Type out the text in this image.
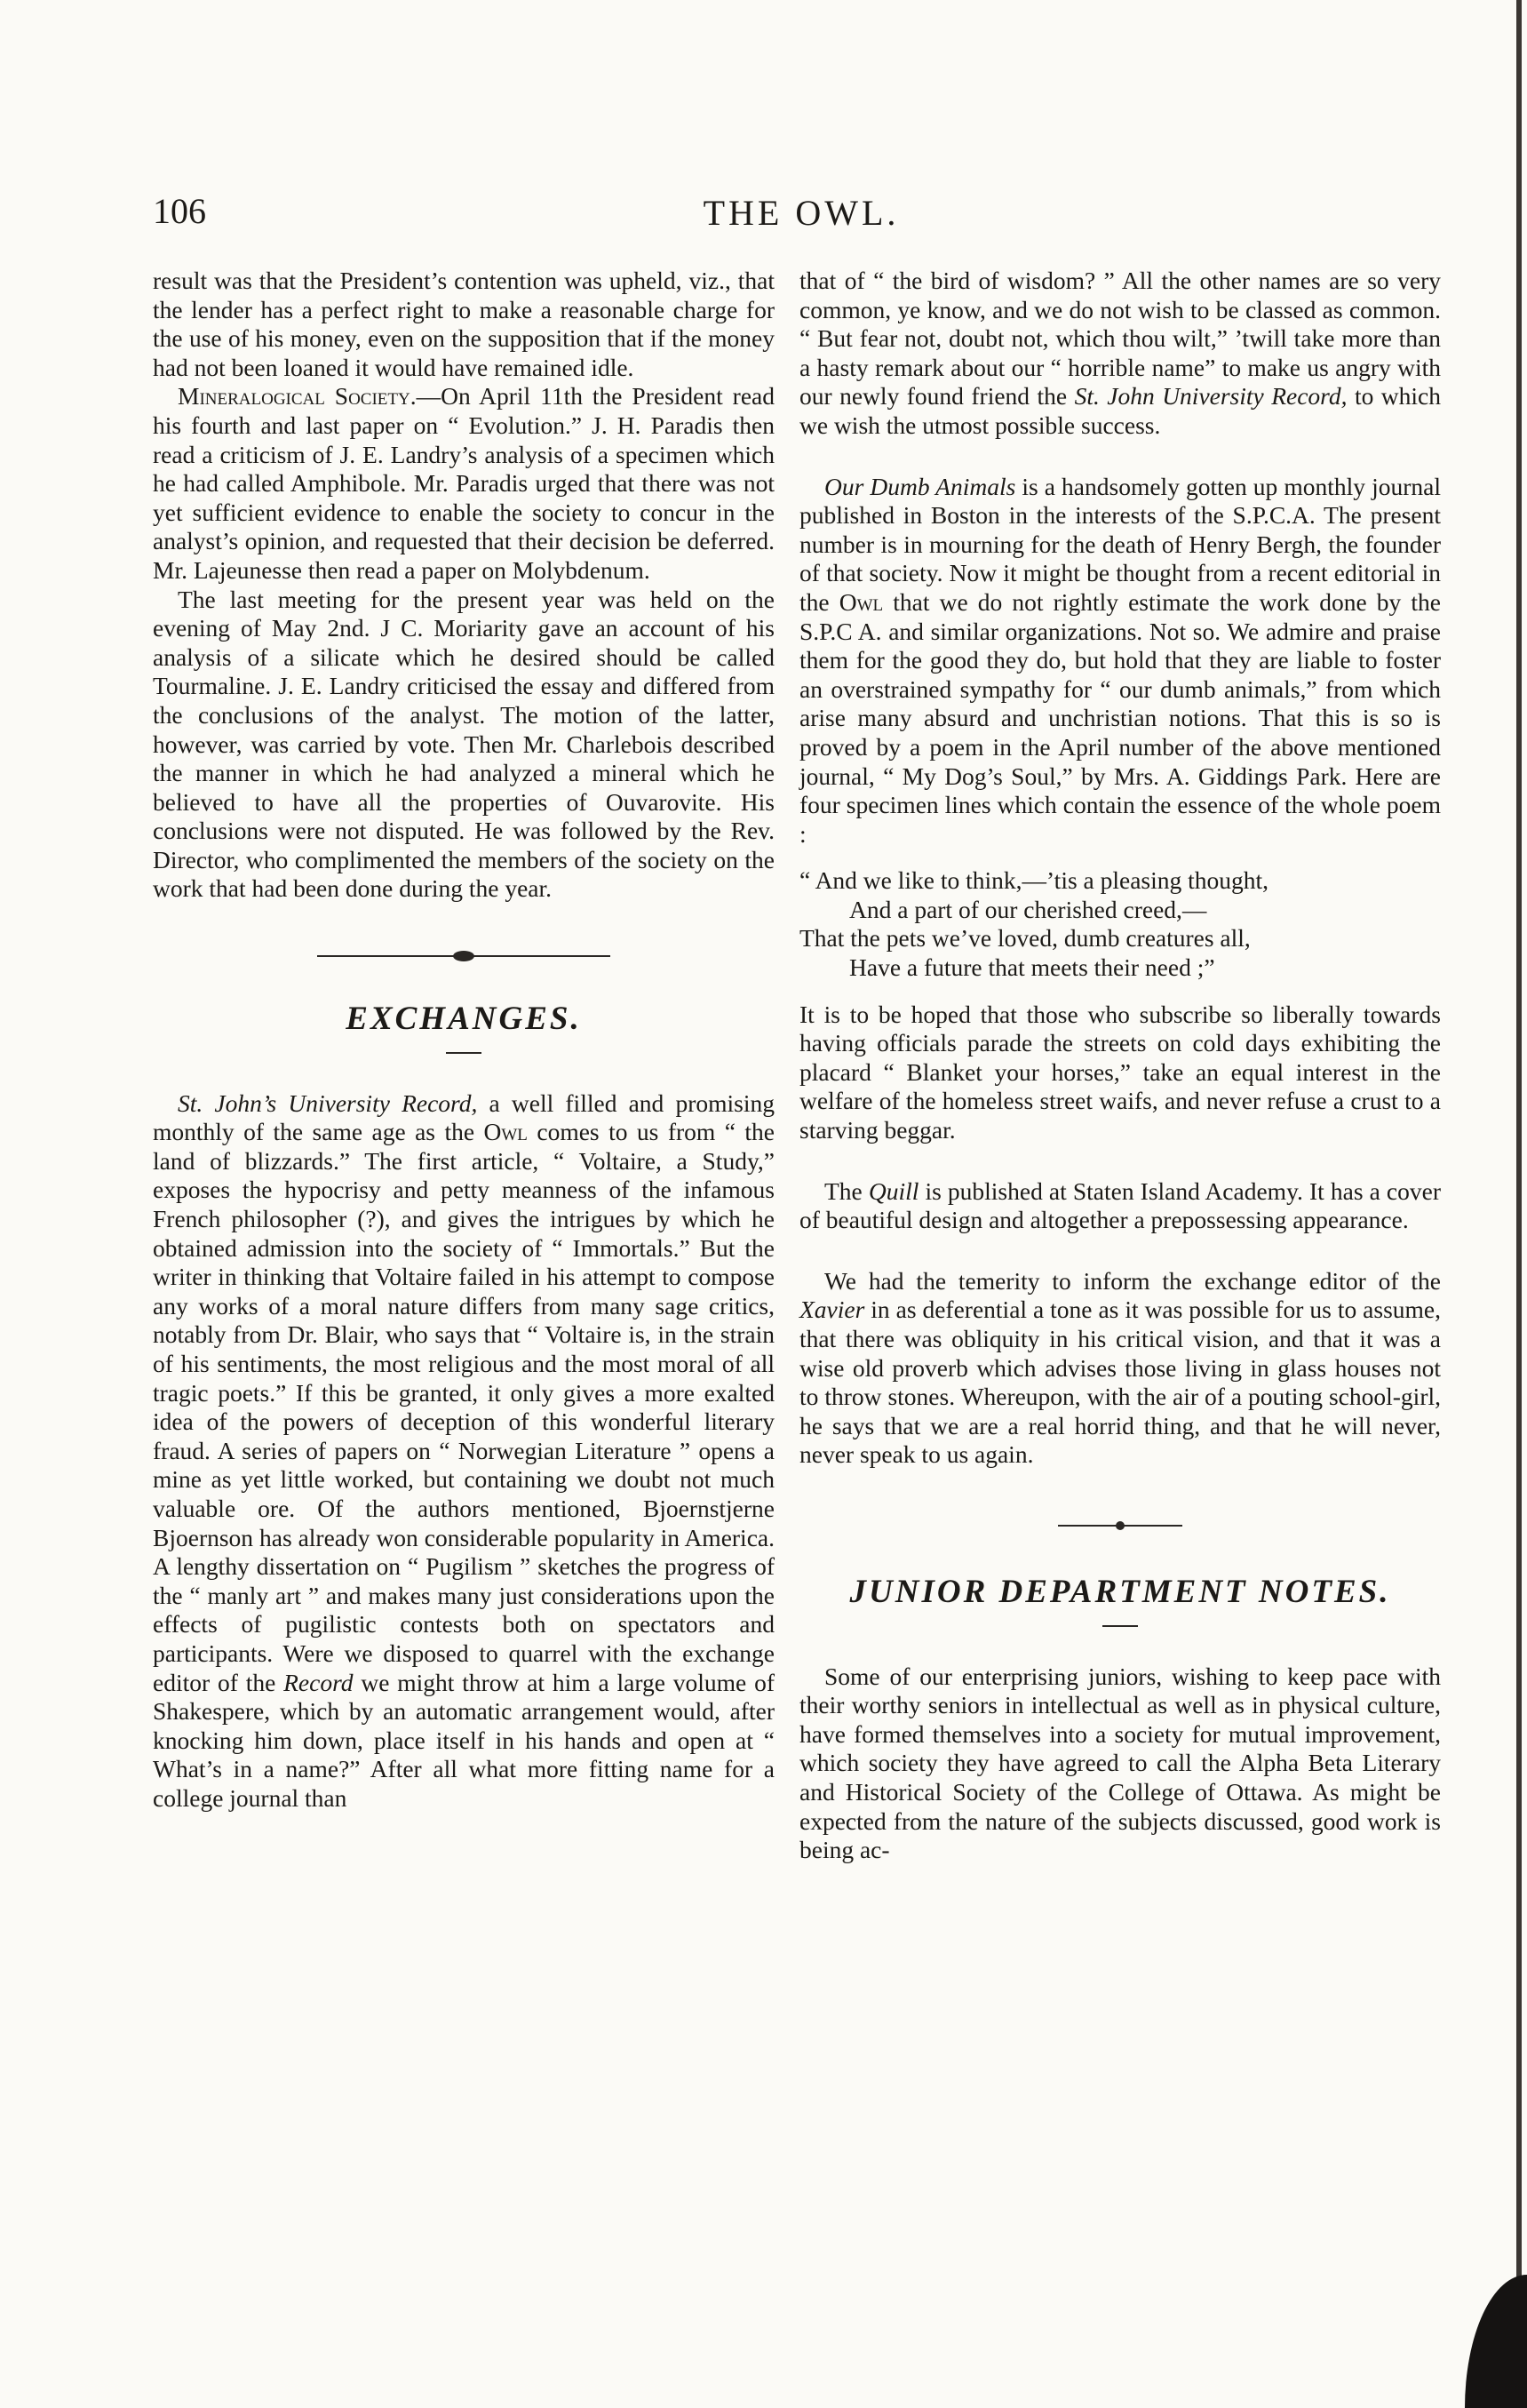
106	THE OWL.

result was that the President’s contention was upheld, viz., that the lender has a perfect right to make a reasonable charge for the use of his money, even on the supposition that if the money had not been loaned it would have remained idle.

Mineralogical Society.—On April 11th the President read his fourth and last paper on “ Evolution.” J. H. Paradis then read a criticism of J. E. Landry’s analysis of a specimen which he had called Amphibole. Mr. Paradis urged that there was not yet sufficient evidence to enable the society to concur in the analyst’s opinion, and requested that their decision be deferred. Mr. Lajeunesse then read a paper on Molybdenum.

The last meeting for the present year was held on the evening of May 2nd. J C. Moriarity gave an account of his analysis of a silicate which he desired should be called Tourmaline. J. E. Landry criticised the essay and differed from the conclusions of the analyst. The motion of the latter, however, was carried by vote. Then Mr. Charlebois described the manner in which he had analyzed a mineral which he believed to have all the properties of Ouvarovite. His conclusions were not disputed. He was followed by the Rev. Director, who complimented the members of the society on the work that had been done during the year.

EXCHANGES.

St. John’s University Record, a well filled and promising monthly of the same age as the Owl comes to us from “ the land of blizzards.” The first article, “ Voltaire, a Study,” exposes the hypocrisy and petty meanness of the infamous French philosopher (?), and gives the intrigues by which he obtained admission into the society of “ Immortals.” But the writer in thinking that Voltaire failed in his attempt to compose any works of a moral nature differs from many sage critics, notably from Dr. Blair, who says that “ Voltaire is, in the strain of his sentiments, the most religious and the most moral of all tragic poets.” If this be granted, it only gives a more exalted idea of the powers of deception of this wonderful literary fraud. A series of papers on “ Norwegian Literature ” opens a mine as yet little worked, but containing we doubt not much valuable ore. Of the authors mentioned, Bjoernstjerne Bjoernson has already won considerable popularity in America. A lengthy dissertation on “ Pugilism ” sketches the progress of the “ manly art ” and makes many just considerations upon the effects of pugilistic contests both on spectators and participants. Were we disposed to quarrel with the exchange editor of the Record we might throw at him a large volume of Shakespere, which by an automatic arrangement would, after knocking him down, place itself in his hands and open at “ What’s in a name?” After all what more fitting name for a college journal than

that of “ the bird of wisdom? ” All the other names are so very common, ye know, and we do not wish to be classed as common. “ But fear not, doubt not, which thou wilt,” ’twill take more than a hasty remark about our “ horrible name” to make us angry with our newly found friend the St. John University Record, to which we wish the utmost possible success.

Our Dumb Animals is a handsomely gotten up monthly journal published in Boston in the interests of the S.P.C.A. The present number is in mourning for the death of Henry Bergh, the founder of that society. Now it might be thought from a recent editorial in the Owl that we do not rightly estimate the work done by the S.P.C A. and similar organizations. Not so. We admire and praise them for the good they do, but hold that they are liable to foster an overstrained sympathy for “ our dumb animals,” from which arise many absurd and unchristian notions. That this is so is proved by a poem in the April number of the above mentioned journal, “ My Dog’s Soul,” by Mrs. A. Giddings Park. Here are four specimen lines which contain the essence of the whole poem :

“ And we like to think,—’tis a pleasing thought,
And a part of our cherished creed,—
That the pets we’ve loved, dumb creatures all,
Have a future that meets their need ;”

It is to be hoped that those who subscribe so liberally towards having officials parade the streets on cold days exhibiting the placard “ Blanket your horses,” take an equal interest in the welfare of the homeless street waifs, and never refuse a crust to a starving beggar.

The Quill is published at Staten Island Academy. It has a cover of beautiful design and altogether a prepossessing appearance.

We had the temerity to inform the exchange editor of the Xavier in as deferential a tone as it was possible for us to assume, that there was obliquity in his critical vision, and that it was a wise old proverb which advises those living in glass houses not to throw stones. Whereupon, with the air of a pouting school-girl, he says that we are a real horrid thing, and that he will never, never speak to us again.

JUNIOR DEPARTMENT NOTES.

Some of our enterprising juniors, wishing to keep pace with their worthy seniors in intellectual as well as in physical culture, have formed themselves into a society for mutual improvement, which society they have agreed to call the Alpha Beta Literary and Historical Society of the College of Ottawa. As might be expected from the nature of the subjects discussed, good work is being ac-
